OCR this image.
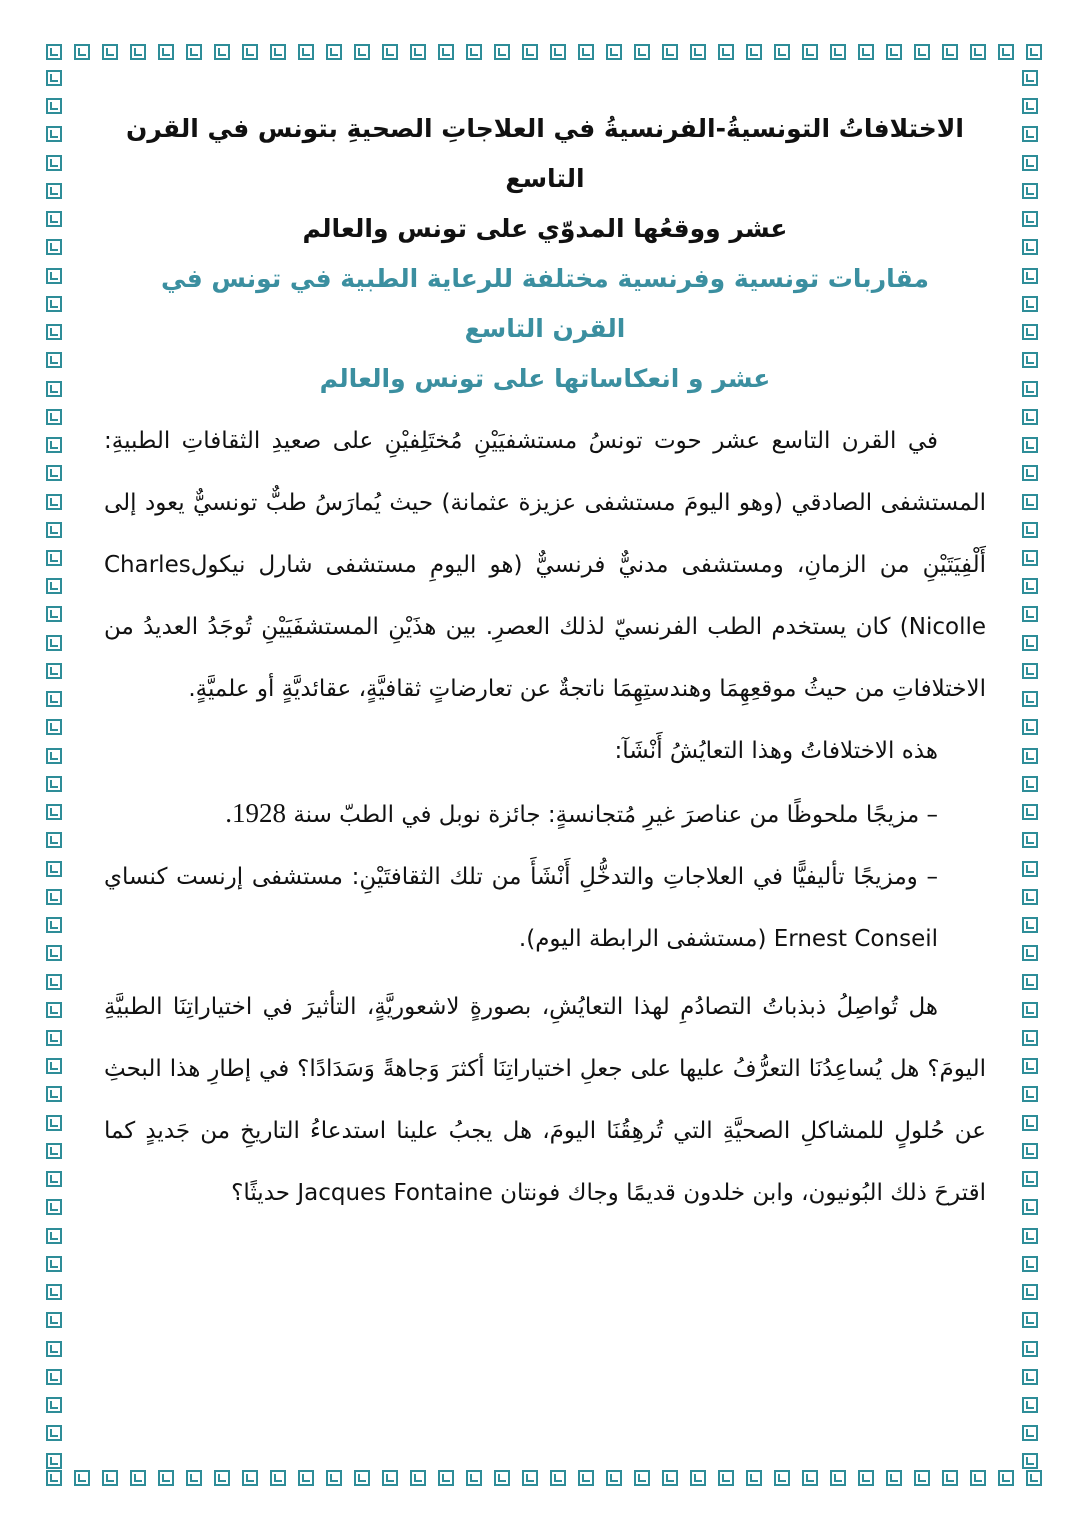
الاختلافاتُ التونسيةُ-الفرنسيةُ في العلاجاتِ الصحيةِ بتونس في القرن التاسع
عشر ووقعُها المدوّي على تونس والعالم
مقاربات تونسية وفرنسية مختلفة للرعاية الطبية في تونس في القرن التاسع
عشر و انعكاساتها على تونس والعالم

في القرن التاسع عشر حوت تونسُ مستشفيَيْنِ مُختَلِفيْنِ على صعيدِ الثقافاتِ الطبيةِ: المستشفى الصادقي (وهو اليومَ مستشفى عزيزة عثمانة) حيث يُمارَسُ طبٌّ تونسيٌّ يعود إلى أَلْفِيَتَيْنِ من الزمانِ، ومستشفى مدنيٌّ فرنسيٌّ (هو اليومِ مستشفى شارل نيكولCharles Nicolle) كان يستخدم الطب الفرنسيّ لذلك العصرِ. بين هذَيْنِ المستشفَيَيْنِ تُوجَدُ العديدُ من الاختلافاتِ من حيثُ موقعِهِمَا وهندستِهِمَا ناتجةٌ عن تعارضاتٍ ثقافيَّةٍ، عقائديَّةٍ أو علميَّةٍ.

هذه الاختلافاتُ وهذا التعايُشُ أَنْشَآ:

– مزيجًا ملحوظًا من عناصرَ غيرِ مُتجانسةٍ: جائزة نوبل في الطبّ سنة 1928.
– ومزيجًا تأليفيًّا في العلاجاتِ والتدخُّلِ أَنْشَأَ من تلك الثقافتَيْنِ: مستشفى إرنست كنساي Ernest Conseil (مستشفى الرابطة اليوم).

هل تُواصِلُ ذبذباتُ التصادُمِ لهذا التعايُشِ، بصورةٍ لاشعوريَّةٍ، التأثيرَ في اختياراتِنَا الطبيَّةِ اليومَ؟ هل يُساعِدُنَا التعرُّفُ عليها على جعلِ اختياراتِنَا أكثرَ وَجاهةً وَسَدَادًا؟ في إطارِ هذا البحثِ عن حُلولٍ للمشاكلِ الصحيَّةِ التي تُرهِقُنَا اليومَ، هل يجبُ علينا استدعاءُ التاريخِ من جَديدٍ كما اقترحَ ذلك البُونيون، وابن خلدون قديمًا وجاك فونتان Jacques Fontaine حديثًا؟
